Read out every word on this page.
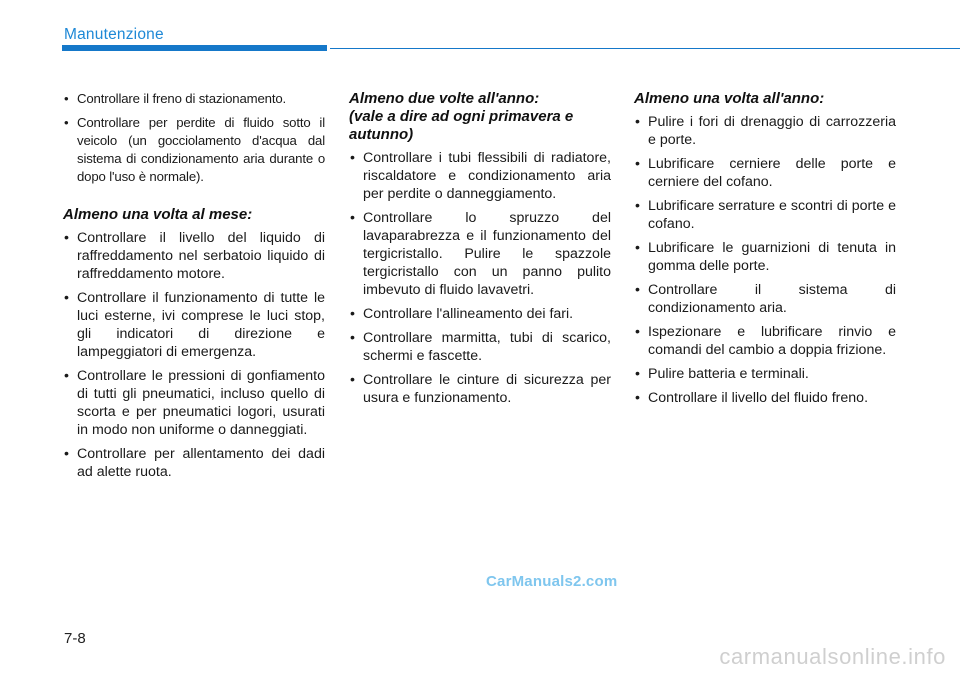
Manutenzione
• Controllare il freno di stazionamento.
• Controllare per perdite di fluido sotto il veicolo (un gocciolamento d'acqua dal sistema di condizionamento aria durante o dopo l'uso è normale).
Almeno una volta al mese:
• Controllare il livello del liquido di raffreddamento nel serbatoio liquido di raffreddamento motore.
• Controllare il funzionamento di tutte le luci esterne, ivi comprese le luci stop, gli indicatori di direzione e lampeggiatori di emergenza.
• Controllare le pressioni di gonfiamento di tutti gli pneumatici, incluso quello di scorta e per pneumatici logori, usurati in modo non uniforme o danneggiati.
• Controllare per allentamento dei dadi ad alette ruota.
Almeno due volte all'anno:
(vale a dire ad ogni primavera e autunno)
• Controllare i tubi flessibili di radiatore, riscaldatore e condizionamento aria per perdite o danneggiamento.
• Controllare lo spruzzo del lavaparabrezza e il funzionamento del tergicristallo. Pulire le spazzole tergicristallo con un panno pulito imbevuto di fluido lavavetri.
• Controllare l'allineamento dei fari.
• Controllare marmitta, tubi di scarico, schermi e fascette.
• Controllare le cinture di sicurezza per usura e funzionamento.
Almeno una volta all'anno:
• Pulire i fori di drenaggio di carrozzeria e porte.
• Lubrificare cerniere delle porte e cerniere del cofano.
• Lubrificare serrature e scontri di porte e cofano.
• Lubrificare le guarnizioni di tenuta in gomma delle porte.
• Controllare il sistema di condizionamento aria.
• Ispezionare e lubrificare rinvio e comandi del cambio a doppia frizione.
• Pulire batteria e terminali.
• Controllare il livello del fluido freno.
CarManuals2.com
7-8
carmanualsonline.info
